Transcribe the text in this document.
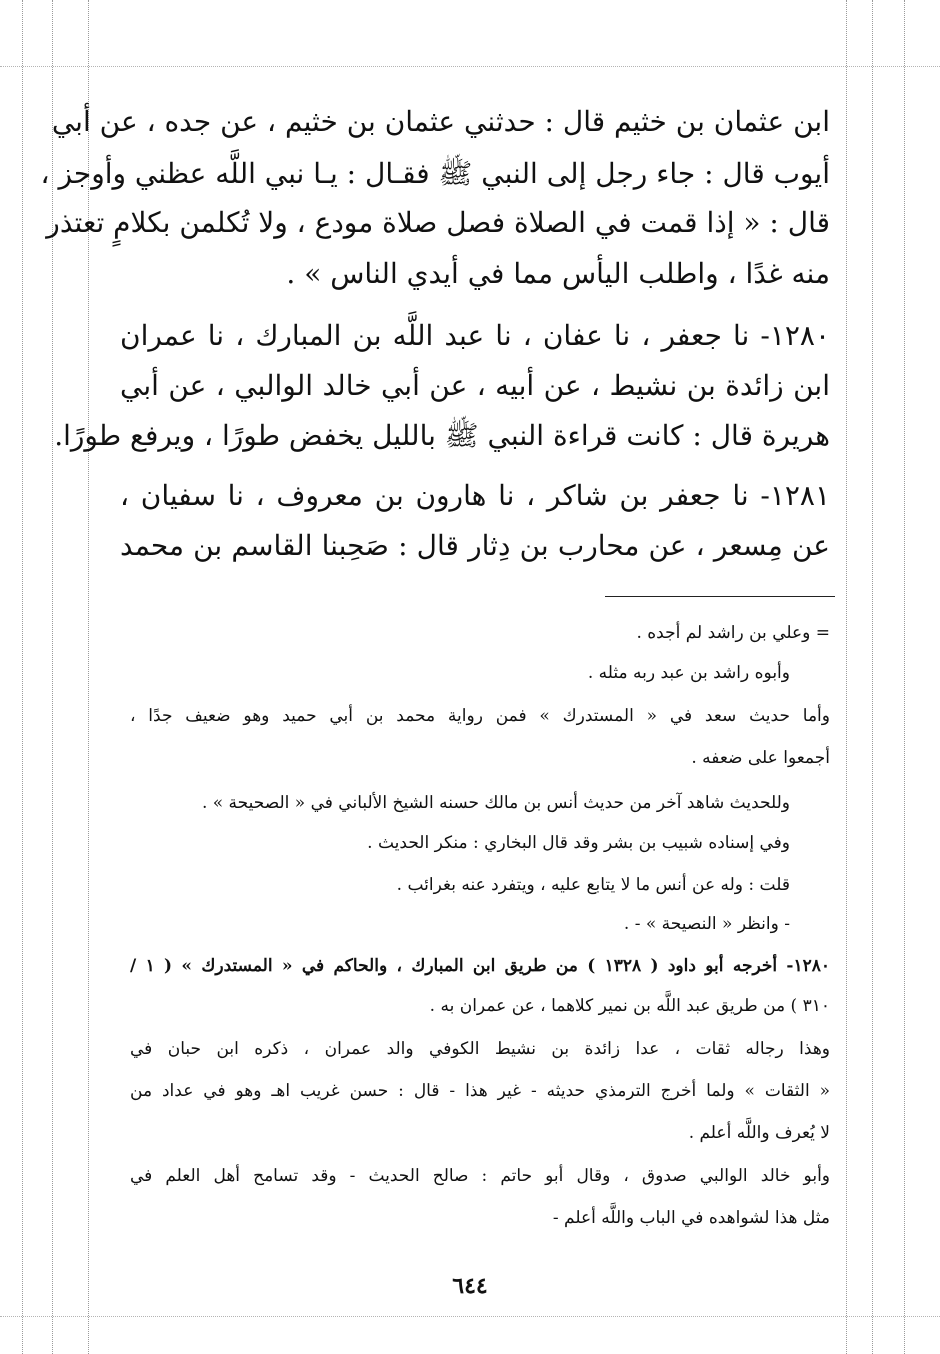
ابن عثمان بن خثيم قال : حدثني عثمان بن خثيم ، عن جده ، عن أبي
أيوب قال : جاء رجل إلى النبي ﷺ فقـال : يـا نبي اللَّه عظني وأوجز ،
قال : « إذا قمت في الصلاة فصل صلاة مودع ، ولا تُكلمن بكلامٍ تعتذر
منه غدًا ، واطلب اليأس مما في أيدي الناس » .
١٢٨٠- نا جعفر ، نا عفان ، نا عبد اللَّه بن المبارك ، نا عمران
ابن زائدة بن نشيط ، عن أبيه ، عن أبي خالد الوالبي ، عن أبي
هريرة قال : كانت قراءة النبي ﷺ بالليل يخفض طورًا ، ويرفع طورًا.
١٢٨١- نا جعفر بن شاكر ، نا هارون بن معروف ، نا سفيان ،
عن مِسعر ، عن محارب بن دِثار قال : صَحِبنا القاسم بن محمد
= وعلي بن راشد لم أجده .
وأبوه راشد بن عبد ربه مثله .
وأما حديث سعد في « المستدرك » فمن رواية محمد بن أبي حميد وهو ضعيف جدًا ،
أجمعوا على ضعفه .
وللحديث شاهد آخر من حديث أنس بن مالك حسنه الشيخ الألباني في « الصحيحة » .
وفي إسناده شبيب بن بشر وقد قال البخاري : منكر الحديث .
قلت : وله عن أنس ما لا يتابع عليه ، ويتفرد عنه بغرائب .
- وانظر « النصيحة » - .
١٢٨٠- أخرجه أبو داود ( ١٣٢٨ ) من طريق ابن المبارك ، والحاكم في « المستدرك » ( ١ /
٣١٠ ) من طريق عبد اللَّه بن نمير كلاهما ، عن عمران به .
وهذا رجاله ثقات ، عدا زائدة بن نشيط الكوفي والد عمران ، ذكره ابن حبان في
« الثقات » ولما أخرج الترمذي حديثه - غير هذا - قال : حسن غريب اهـ وهو في عداد من
لا يُعرف واللَّه أعلم .
وأبو خالد الوالبي صدوق ، وقال أبو حاتم : صالح الحديث - وقد تسامح أهل العلم في
مثل هذا لشواهده في الباب واللَّه أعلم -
٦٤٤
